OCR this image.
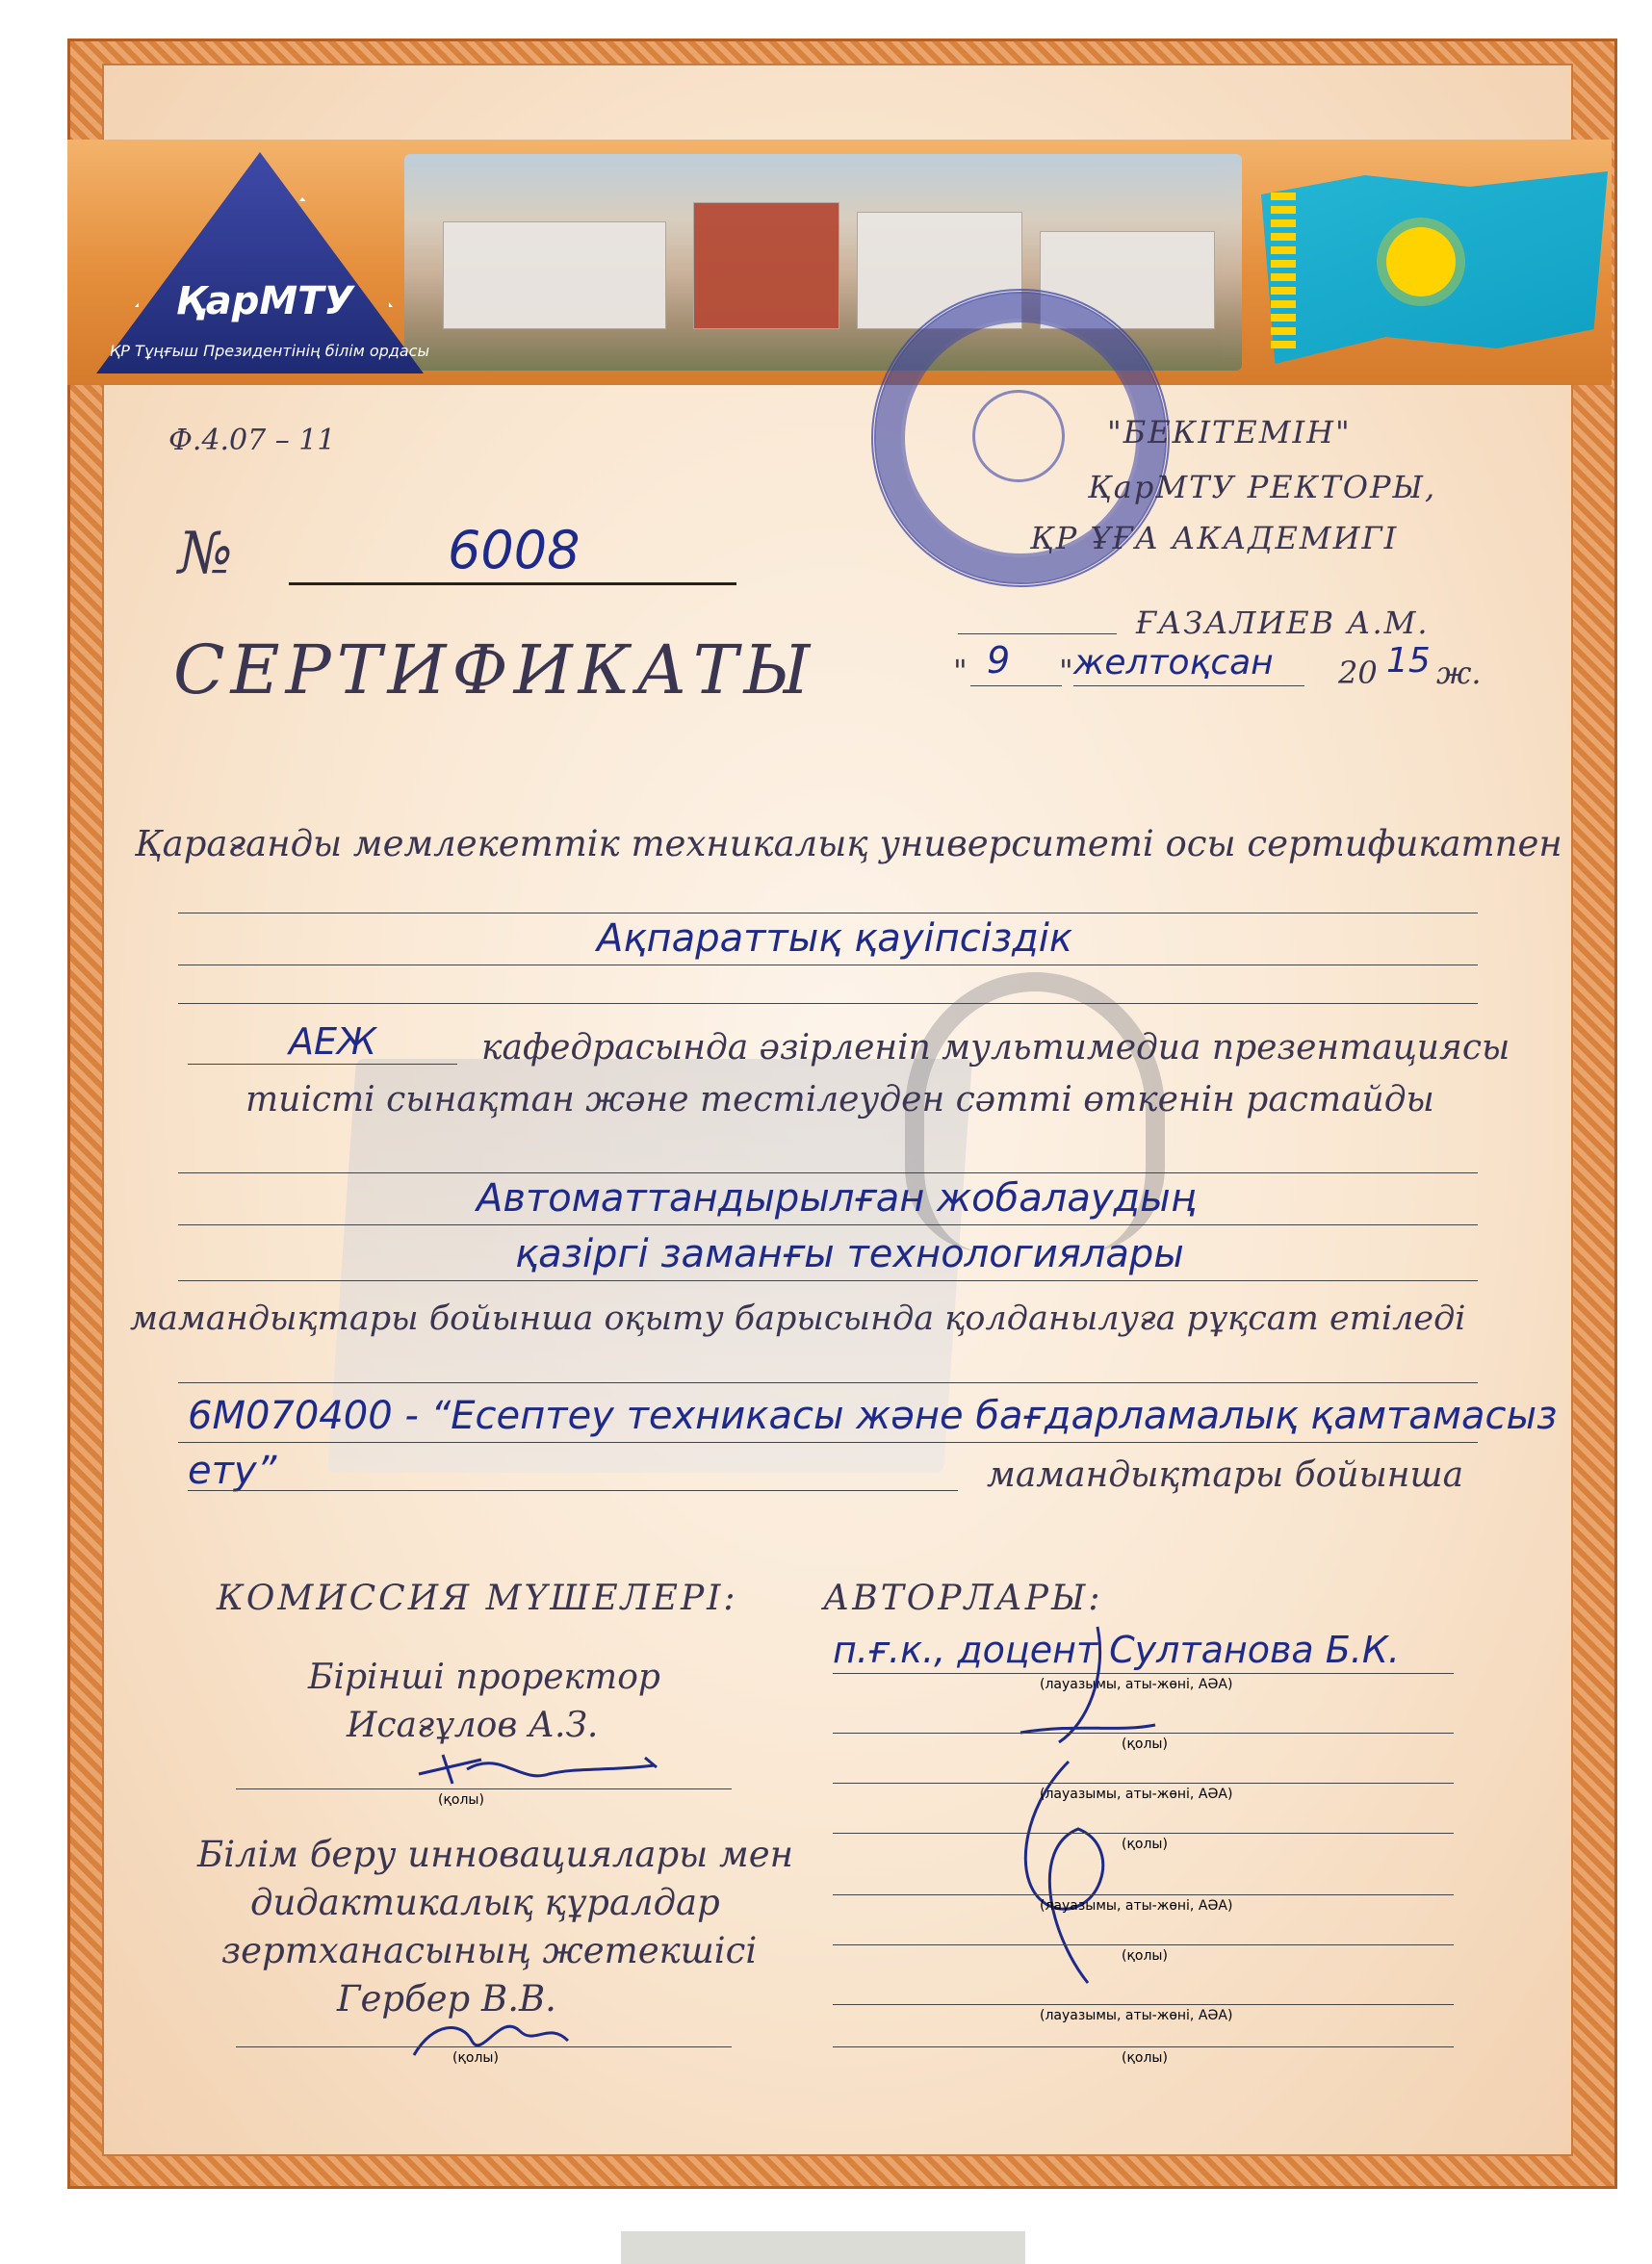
ҚарМТУ
ҚР Тұңғыш Президентінің білім ордасы
Ф.4.07 – 11	"БЕКІТЕМІН"
ҚарМТУ РЕКТОРЫ,
ҚР ҰҒА АКАДЕМИГІ
ҒАЗАЛИЕВ А.М.
" 9 " желтоқсан 20 15 ж.
№	6008
СЕРТИФИКАТЫ
Қарағанды мемлекеттік техникалық университеті осы сертификатпен
Ақпараттық қауіпсіздік
АЕЖ	кафедрасында әзірленіп мультимедиа презентациясы
тиісті сынақтан және тестілеуден сәтті өткенін растайды
Автоматтандырылған жобалаудың
қазіргі заманғы технологиялары
мамандықтары бойынша оқыту барысында қолданылуға рұқсат етіледі
6М070400 - “Есептеу техникасы және бағдарламалық қамтамасыз
ету”	мамандықтары бойынша
КОМИССИЯ МҮШЕЛЕРІ:
Бірінші проректор
Исағұлов А.З.
(қолы)
Білім беру инновациялары мен
дидактикалық құралдар
зертханасының жетекшісі
Гербер В.В.
(қолы)
АВТОРЛАРЫ:
п.ғ.к., доцент Султанова Б.К.
(лауазымы, аты-жөні, АӘА)
(қолы)
(лауазымы, аты-жөні, АӘА)
(қолы)
(лауазымы, аты-жөні, АӘА)
(қолы)
(лауазымы, аты-жөні, АӘА)
(қолы)
